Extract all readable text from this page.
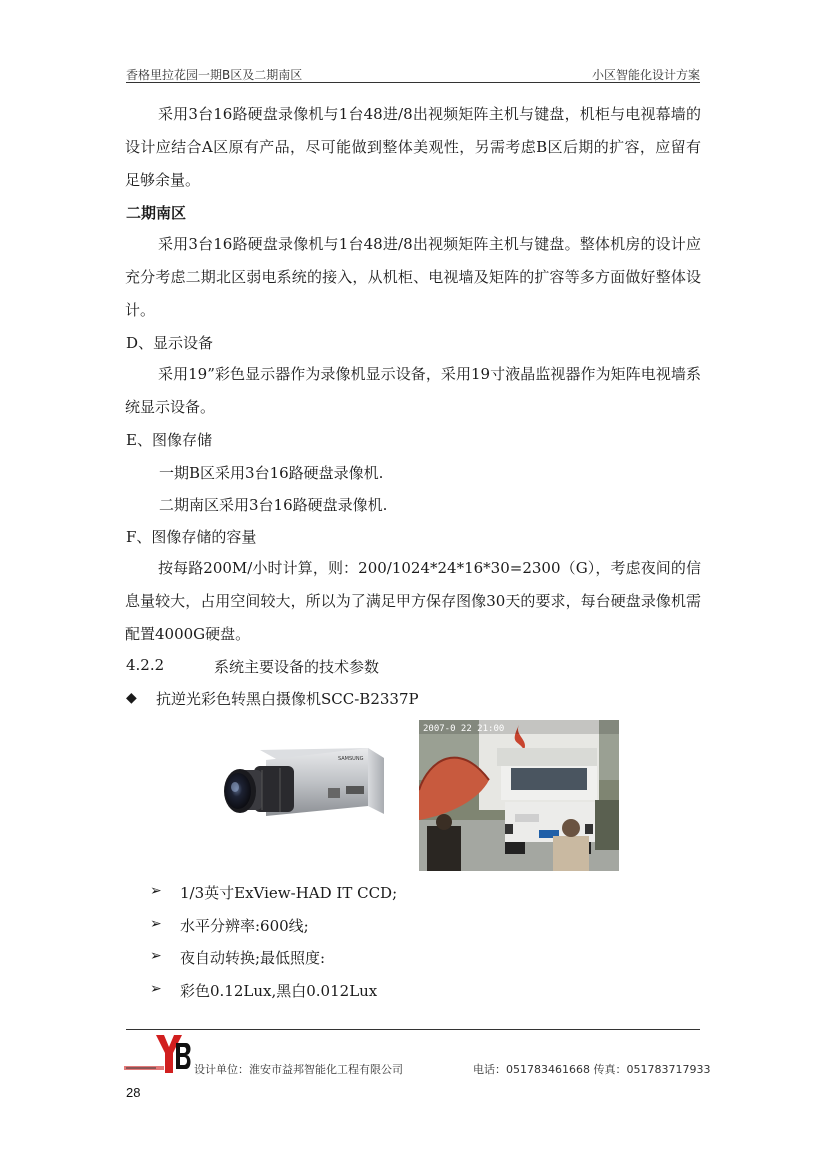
香格里拉花园一期B区及二期南区	小区智能化设计方案
采用3台16路硬盘录像机与1台48进/8出视频矩阵主机与键盘，机柜与电视幕墙的设计应结合A区原有产品，尽可能做到整体美观性，另需考虑B区后期的扩容，应留有足够余量。
二期南区
采用3台16路硬盘录像机与1台48进/8出视频矩阵主机与键盘。整体机房的设计应充分考虑二期北区弱电系统的接入，从机柜、电视墙及矩阵的扩容等多方面做好整体设计。
D、显示设备
采用19”彩色显示器作为录像机显示设备，采用19寸液晶监视器作为矩阵电视墙系统显示设备。
E、图像存储
一期B区采用3台16路硬盘录像机.
二期南区采用3台16路硬盘录像机.
F、图像存储的容量
按每路200M/小时计算，则：200/1024*24*16*30=2300（G），考虑夜间的信息量较大，占用空间较大，所以为了满足甲方保存图像30天的要求，每台硬盘录像机需配置4000G硬盘。
4.2.2	系统主要设备的技术参数
◆ 抗逆光彩色转黑白摄像机SCC-B2337P
SAMSUNG
2007-0 22 21:00
➢ 1/3英寸ExView-HAD IT CCD;
➢ 水平分辨率:600线;
➢ 夜自动转换;最低照度:
➢ 彩色0.12Lux,黑白0.012Lux
设计单位：淮安市益邦智能化工程有限公司	电话：051783461668 传真：051783717933
28
